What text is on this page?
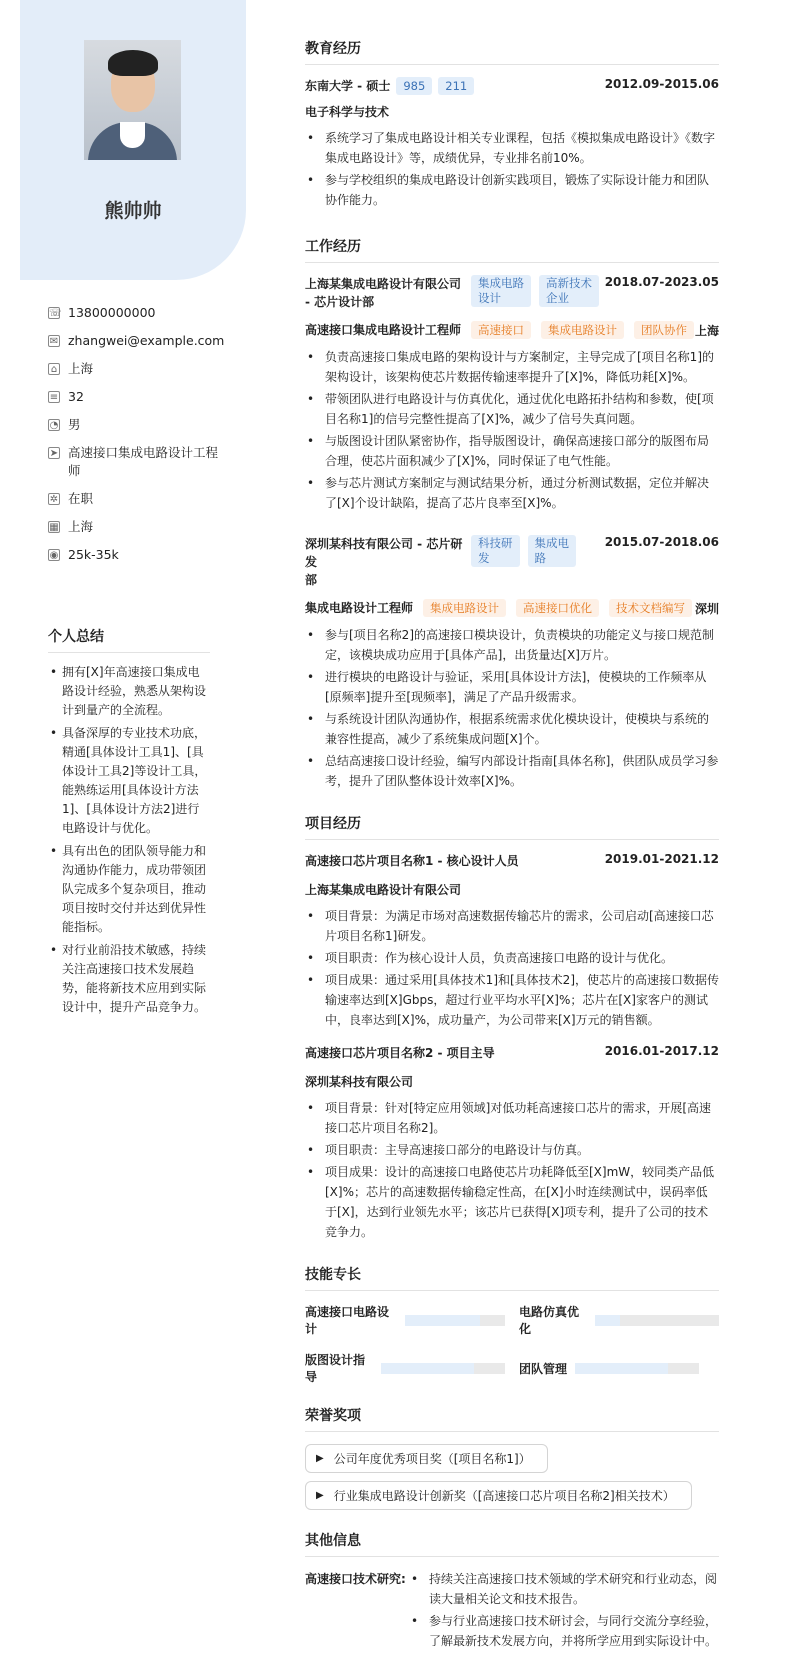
熊帅帅
☏ 13800000000
✉ zhangwei@example.com
⌂ 上海
≡ 32
◔ 男
➤ 高速接口集成电路设计工程师
✲ 在职
▦ 上海
◉ 25k-35k
个人总结
• 拥有[X]年高速接口集成电路设计经验，熟悉从架构设计到量产的全流程。
• 具备深厚的专业技术功底，精通[具体设计工具1]、[具体设计工具2]等设计工具，能熟练运用[具体设计方法1]、[具体设计方法2]进行电路设计与优化。
• 具有出色的团队领导能力和沟通协作能力，成功带领团队完成多个复杂项目，推动项目按时交付并达到优异性能指标。
• 对行业前沿技术敏感，持续关注高速接口技术发展趋势，能将新技术应用到实际设计中，提升产品竞争力。
教育经历
东南大学 - 硕士	985 211	2012.09-2015.06
电子科学与技术
• 系统学习了集成电路设计相关专业课程，包括《模拟集成电路设计》《数字集成电路设计》等，成绩优异，专业排名前10%。
• 参与学校组织的集成电路设计创新实践项目，锻炼了实际设计能力和团队协作能力。
工作经历
上海某集成电路设计有限公司
- 芯片设计部
集成电路
设计
高新技术
企业
2018.07-2023.05
高速接口集成电路设计工程师	高速接口	集成电路设计	团队协作 上海
• 负责高速接口集成电路的架构设计与方案制定，主导完成了[项目名称1]的架构设计，该架构使芯片数据传输速率提升了[X]%，降低功耗[X]%。
• 带领团队进行电路设计与仿真优化，通过优化电路拓扑结构和参数，使[项目名称1]的信号完整性提高了[X]%，减少了信号失真问题。
• 与版图设计团队紧密协作，指导版图设计，确保高速接口部分的版图布局合理，使芯片面积减少了[X]%，同时保证了电气性能。
• 参与芯片测试方案制定与测试结果分析，通过分析测试数据，定位并解决了[X]个设计缺陷，提高了芯片良率至[X]%。
深圳某科技有限公司 - 芯片研发
部
科技研
发
集成电
路
2015.07-2018.06
集成电路设计工程师	集成电路设计	高速接口优化	技术文档编写 深圳
• 参与[项目名称2]的高速接口模块设计，负责模块的功能定义与接口规范制定，该模块成功应用于[具体产品]，出货量达[X]万片。
• 进行模块的电路设计与验证，采用[具体设计方法]，使模块的工作频率从[原频率]提升至[现频率]，满足了产品升级需求。
• 与系统设计团队沟通协作，根据系统需求优化模块设计，使模块与系统的兼容性提高，减少了系统集成问题[X]个。
• 总结高速接口设计经验，编写内部设计指南[具体名称]，供团队成员学习参考，提升了团队整体设计效率[X]%。
项目经历
高速接口芯片项目名称1 - 核心设计人员	2019.01-2021.12
上海某集成电路设计有限公司
• 项目背景：为满足市场对高速数据传输芯片的需求，公司启动[高速接口芯片项目名称1]研发。
• 项目职责：作为核心设计人员，负责高速接口电路的设计与优化。
• 项目成果：通过采用[具体技术1]和[具体技术2]，使芯片的高速接口数据传输速率达到[X]Gbps，超过行业平均水平[X]%；芯片在[X]家客户的测试中，良率达到[X]%，成功量产，为公司带来[X]万元的销售额。
高速接口芯片项目名称2 - 项目主导	2016.01-2017.12
深圳某科技有限公司
• 项目背景：针对[特定应用领域]对低功耗高速接口芯片的需求，开展[高速接口芯片项目名称2]。
• 项目职责：主导高速接口部分的电路设计与仿真。
• 项目成果：设计的高速接口电路使芯片功耗降低至[X]mW，较同类产品低[X]%；芯片的高速数据传输稳定性高，在[X]小时连续测试中，误码率低于[X]，达到行业领先水平；该芯片已获得[X]项专利，提升了公司的技术竞争力。
技能专长
高速接口电路设计
电路仿真优化
版图设计指导
团队管理
荣誉奖项
▶ 公司年度优秀项目奖（[项目名称1]）
▶ 行业集成电路设计创新奖（[高速接口芯片项目名称2]相关技术）
其他信息
高速接口技术研究:
•	持续关注高速接口技术领域的学术研究和行业动态，阅读大量相关论文和技术报告。
• 参与行业高速接口技术研讨会，与同行交流分享经验，了解最新技术发展方向，并将所学应用到实际设计中。
